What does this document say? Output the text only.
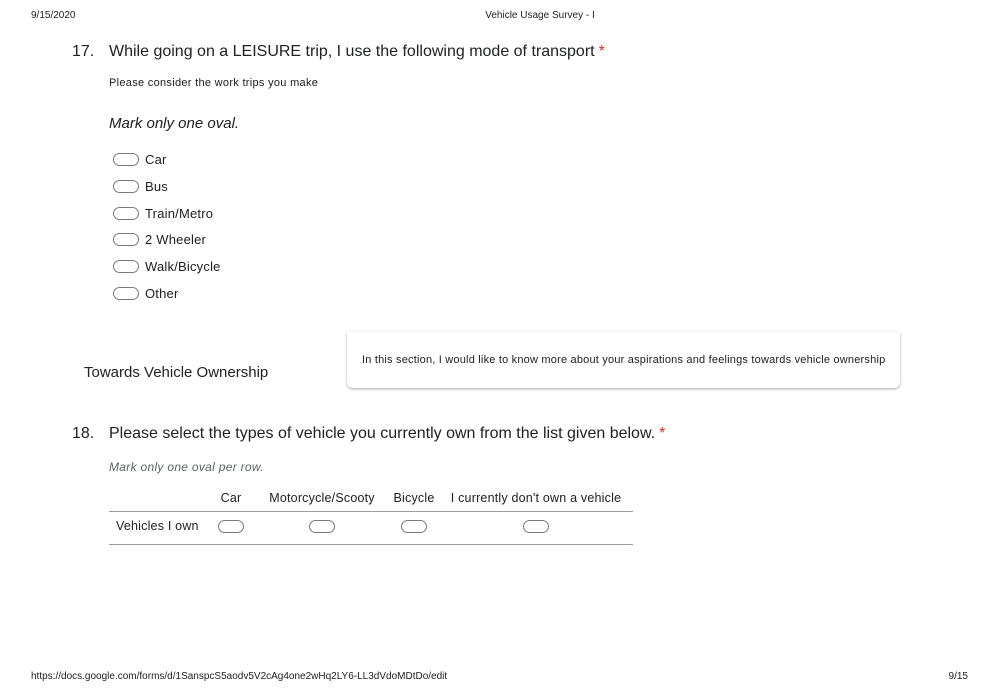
9/15/2020	Vehicle Usage Survey - I
17. While going on a LEISURE trip, I use the following mode of transport *
Please consider the work trips you make
Mark only one oval.
Car
Bus
Train/Metro
2 Wheeler
Walk/Bicycle
Other
Towards Vehicle Ownership
In this section, I would like to know more about your aspirations and feelings towards vehicle ownership
18. Please select the types of vehicle you currently own from the list given below. *
Mark only one oval per row.
Car Motorcycle/Scooty Bicycle I currently don't own a vehicle
Vehicles I own
https://docs.google.com/forms/d/1SanspcS5aodv5V2cAg4one2wHq2LY6-LL3dVdoMDtDo/edit	9/15
